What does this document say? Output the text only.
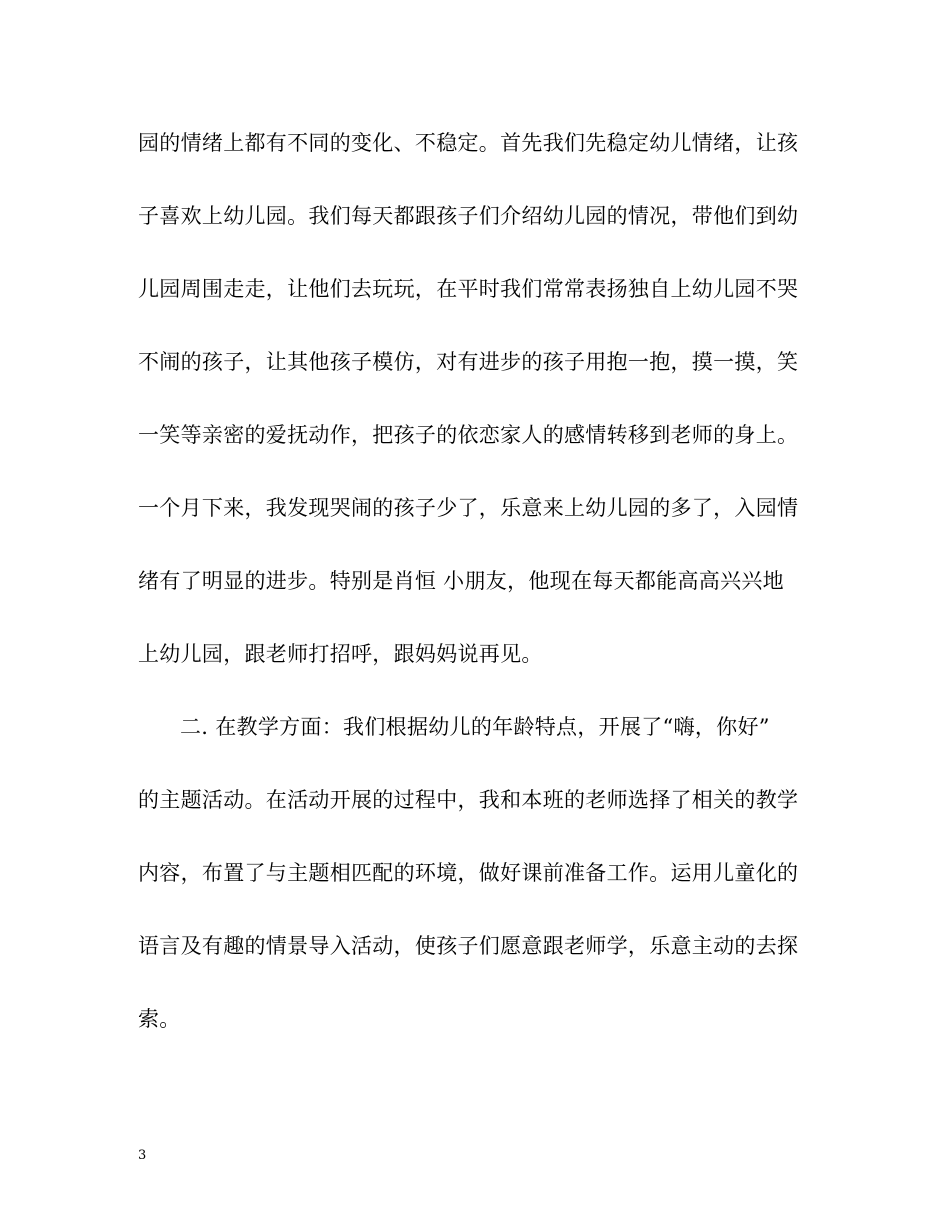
园的情绪上都有不同的变化、不稳定。首先我们先稳定幼儿情绪，让孩
子喜欢上幼儿园。我们每天都跟孩子们介绍幼儿园的情况，带他们到幼
儿园周围走走，让他们去玩玩，在平时我们常常表扬独自上幼儿园不哭
不闹的孩子，让其他孩子模仿，对有进步的孩子用抱一抱，摸一摸，笑
一笑等亲密的爱抚动作，把孩子的依恋家人的感情转移到老师的身上。
一个月下来，我发现哭闹的孩子少了，乐意来上幼儿园的多了，入园情
绪有了明显的进步。特别是肖恒 小朋友，他现在每天都能高高兴兴地
上幼儿园，跟老师打招呼，跟妈妈说再见。
二. 在教学方面：我们根据幼儿的年龄特点，开展了“嗨，你好”
的主题活动。在活动开展的过程中，我和本班的老师选择了相关的教学
内容，布置了与主题相匹配的环境，做好课前准备工作。运用儿童化的
语言及有趣的情景导入活动，使孩子们愿意跟老师学，乐意主动的去探
索。
3
